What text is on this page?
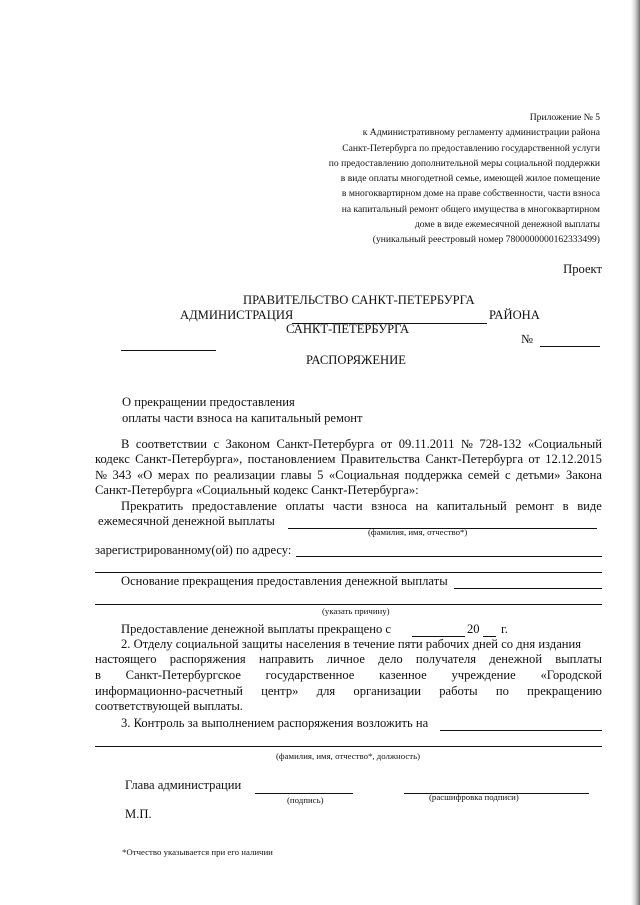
Приложение № 5
к Административному регламенту администрации района
Санкт-Петербурга по предоставлению государственной услуги
по предоставлению дополнительной меры социальной поддержки
в виде оплаты многодетной семье, имеющей жилое помещение
в многоквартирном доме на праве собственности, части взноса
на капитальный ремонт общего имущества в многоквартирном
доме в виде ежемесячной денежной выплаты
(уникальный реестровый номер 7800000000162333499)
Проект
ПРАВИТЕЛЬСТВО САНКТ-ПЕТЕРБУРГА
АДМИНИСТРАЦИЯ	РАЙОНА
САНКТ-ПЕТЕРБУРГА
РАСПОРЯЖЕНИЕ
№
О прекращении предоставления
оплаты части взноса на капитальный ремонт
В соответствии с Законом Санкт-Петербурга от 09.11.2011 № 728-132 «Социальный
кодекс Санкт-Петербурга», постановлением Правительства Санкт-Петербурга от 12.12.2015
№ 343 «О мерах по реализации главы 5 «Социальная поддержка семей с детьми» Закона
Санкт-Петербурга «Социальный кодекс Санкт-Петербурга»:
Прекратить предоставление оплаты части взноса на капитальный ремонт в виде
ежемесячной денежной выплаты
(фамилия, имя, отчество*)
зарегистрированному(ой) по адресу:
Основание прекращения предоставления денежной выплаты
(указать причину)
Предоставление денежной выплаты прекращено с	20 г.
2. Отделу социальной защиты населения в течение пяти рабочих дней со дня издания
настоящего распоряжения направить личное дело получателя денежной выплаты
в Санкт-Петербургское государственное казенное учреждение «Городской
информационно-расчетный центр» для организации работы по прекращению
соответствующей выплаты.
3. Контроль за выполнением распоряжения возложить на
(фамилия, имя, отчество*, должность)
Глава администрации
(подпись)	(расшифровка подписи)
М.П.
*Отчество указывается при его наличии
